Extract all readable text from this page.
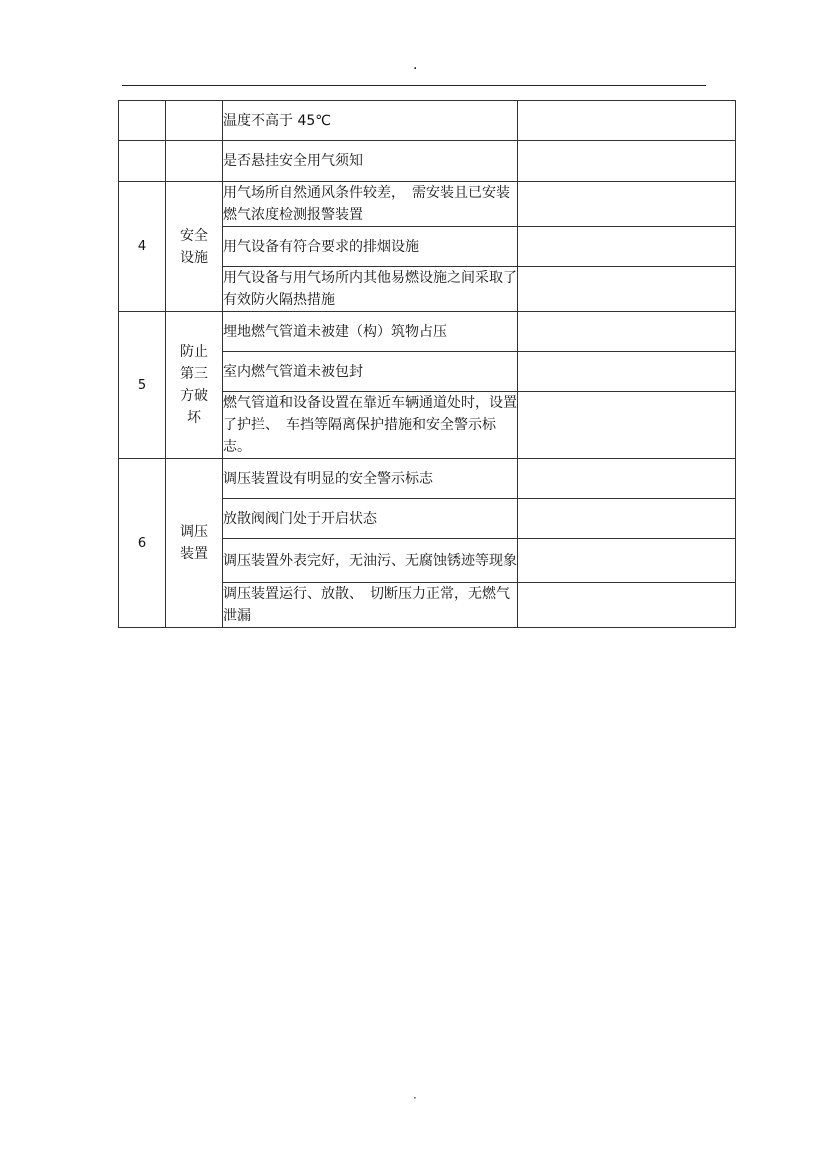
·
		温度不高于 45℃	
		是否悬挂安全用气须知	
4	安全设施	用气场所自然通风条件较差，　需安装且已安装燃气浓度检测报警装置	
		用气设备有符合要求的排烟设施	
		用气设备与用气场所内其他易燃设施之间采取了有效防火隔热措施	
5	防止第三方破坏	埋地燃气管道未被建（构）筑物占压	
		室内燃气管道未被包封	
		燃气管道和设备设置在靠近车辆通道处时，设置了护拦、　车挡等隔离保护措施和安全警示标志。	
6	调压装置	调压装置设有明显的安全警示标志	
		放散阀阀门处于开启状态	
		调压装置外表完好，无油污、无腐蚀锈迹等现象	
		调压装置运行、放散、　切断压力正常，无燃气泄漏	
·
